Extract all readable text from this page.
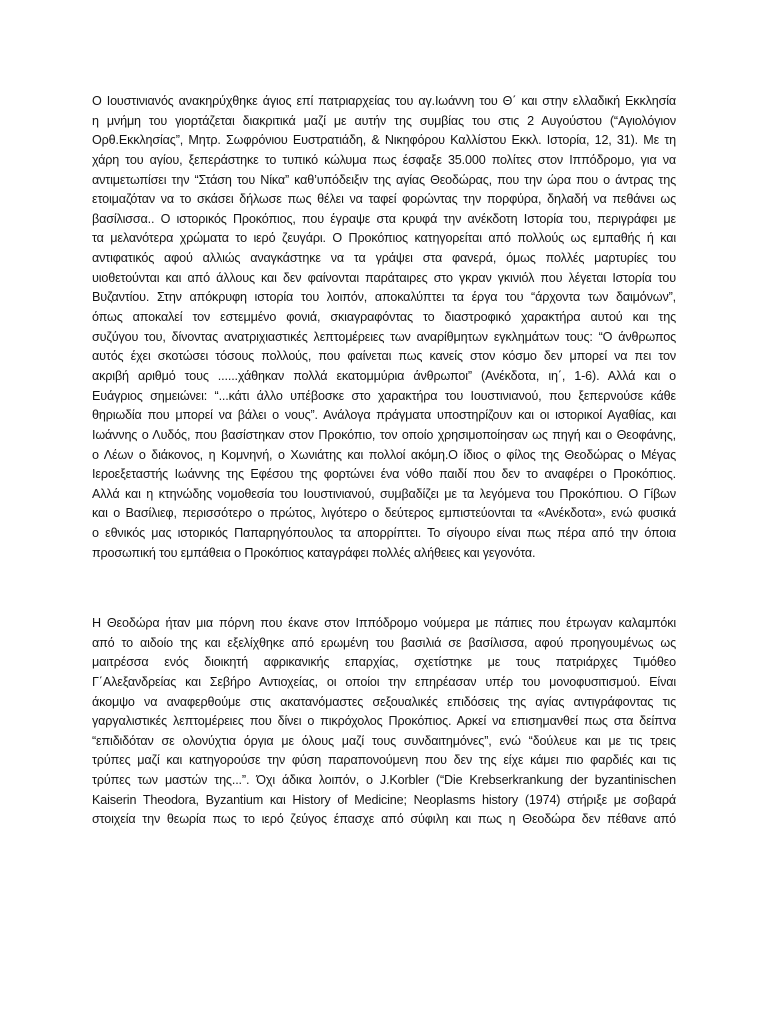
Ο Ιουστινιανός ανακηρύχθηκε άγιος επί πατριαρχείας του αγ.Ιωάννη του Θ΄ και στην ελλαδική Εκκλησία
η μνήμη του γιορτάζεται διακριτικά μαζί με αυτήν της συμβίας του στις 2 Αυγούστου (“Αγιολόγιον
Ορθ.Εκκλησίας”, Μητρ. Σωφρόνιου Ευστρατιάδη, & Νικηφόρου Καλλίστου Εκκλ. Ιστορία, 12, 31). Με τη
χάρη του αγίου, ξεπεράστηκε το τυπικό κώλυμα πως έσφαξε 35.000 πολίτες στον Ιππόδρομο, για να
αντιμετωπίσει την “Στάση του Νίκα” καθ’υπόδειξιν της αγίας Θεοδώρας, που την ώρα που ο άντρας της
ετοιμαζόταν να το σκάσει δήλωσε πως θέλει να ταφεί φορώντας την πορφύρα, δηλαδή να πεθάνει ως
βασίλισσα.. Ο ιστορικός Προκόπιος, που έγραψε στα κρυφά την ανέκδοτη Ιστορία του, περιγράφει με
τα μελανότερα χρώματα το ιερό ζευγάρι. Ο Προκόπιος κατηγορείται από πολλούς ως εμπαθής ή και
αντιφατικός αφού αλλιώς αναγκάστηκε να τα γράψει στα φανερά, όμως πολλές μαρτυρίες του
υιοθετούνται και από άλλους και δεν φαίνονται παράταιρες στο γκραν γκινιόλ που λέγεται Ιστορία του
Βυζαντίου. Στην απόκρυφη ιστορία του λοιπόν, αποκαλύπτει τα έργα του “άρχοντα των δαιμόνων”,
όπως αποκαλεί τον εστεμμένο φονιά, σκιαγραφόντας το διαστροφικό χαρακτήρα αυτού και της
συζύγου του, δίνοντας ανατριχιαστικές λεπτομέρειες των αναρίθμητων εγκλημάτων τους: “Ο άνθρωπος
αυτός έχει σκοτώσει τόσους πολλούς, που φαίνεται πως κανείς στον κόσμο δεν μπορεί να πει τον
ακριβή αριθμό τους ......χάθηκαν πολλά εκατομμύρια άνθρωποι” (Ανέκδοτα, ιη΄, 1-6). Αλλά και ο
Ευάγριος σημειώνει: “...κάτι άλλο υπέβοσκε στο χαρακτήρα του Ιουστινιανού, που ξεπερνούσε κάθε
θηριωδία που μπορεί να βάλει ο νους”. Ανάλογα πράγματα υποστηρίζουν και οι ιστορικοί Αγαθίας, και
Ιωάννης ο Λυδός, που βασίστηκαν στον Προκόπιο, τον οποίο χρησιμοποίησαν ως πηγή και ο Θεοφάνης,
ο Λέων ο διάκονος, η Κομνηνή, ο Χωνιάτης και πολλοί ακόμη.Ο ίδιος ο φίλος της Θεοδώρας ο Μέγας
Ιεροεξεταστής Ιωάννης της Εφέσου της φορτώνει ένα νόθο παιδί που δεν το αναφέρει ο Προκόπιος.
Αλλά και η κτηνώδης νομοθεσία του Ιουστινιανού, συμβαδίζει με τα λεγόμενα του Προκόπιου. Ο Γίβων
και ο Βασίλιεφ, περισσότερο ο πρώτος, λιγότερο ο δεύτερος εμπιστεύονται τα «Ανέκδοτα», ενώ φυσικά
ο εθνικός μας ιστορικός Παπαρηγόπουλος τα απορρίπτει. Το σίγουρο είναι πως πέρα από την όποια
προσωπική του εμπάθεια ο Προκόπιος καταγράφει πολλές αλήθειες και γεγονότα.
Η Θεοδώρα ήταν μια πόρνη που έκανε στον Ιππόδρομο νούμερα με πάπιες που έτρωγαν καλαμπόκι
από το αιδοίο της και εξελίχθηκε από ερωμένη του βασιλιά σε βασίλισσα, αφού προηγουμένως ως
μαιτρέσσα ενός διοικητή αφρικανικής επαρχίας, σχετίστηκε με τους πατριάρχες Τιμόθεο
Γ΄Αλεξανδρείας και Σεβήρο Αντιοχείας, οι οποίοι την επηρέασαν υπέρ του μονοφυσιτισμού. Είναι
άκομψο να αναφερθούμε στις ακατανόμαστες σεξουαλικές επιδόσεις της αγίας αντιγράφοντας τις
γαργαλιστικές λεπτομέρειες που δίνει ο πικρόχολος Προκόπιος. Αρκεί να επισημανθεί πως στα δείπνα
“επιδιδόταν σε ολονύχτια όργια με όλους μαζί τους συνδαιτημόνες”, ενώ “δούλευε και με τις τρεις
τρύπες μαζί και κατηγορούσε την φύση παραπονούμενη που δεν της είχε κάμει πιο φαρδιές και τις
τρύπες των μαστών της...”. Όχι άδικα λοιπόν, ο J.Korbler (“Die Krebserkrankung der byzantinischen
Kaiserin Theodora, Byzantium και History of Medicine; Neoplasms history (1974) στήριξε με σοβαρά
στοιχεία την θεωρία πως το ιερό ζεύγος έπασχε από σύφιλη και πως η Θεοδώρα δεν πέθανε από
